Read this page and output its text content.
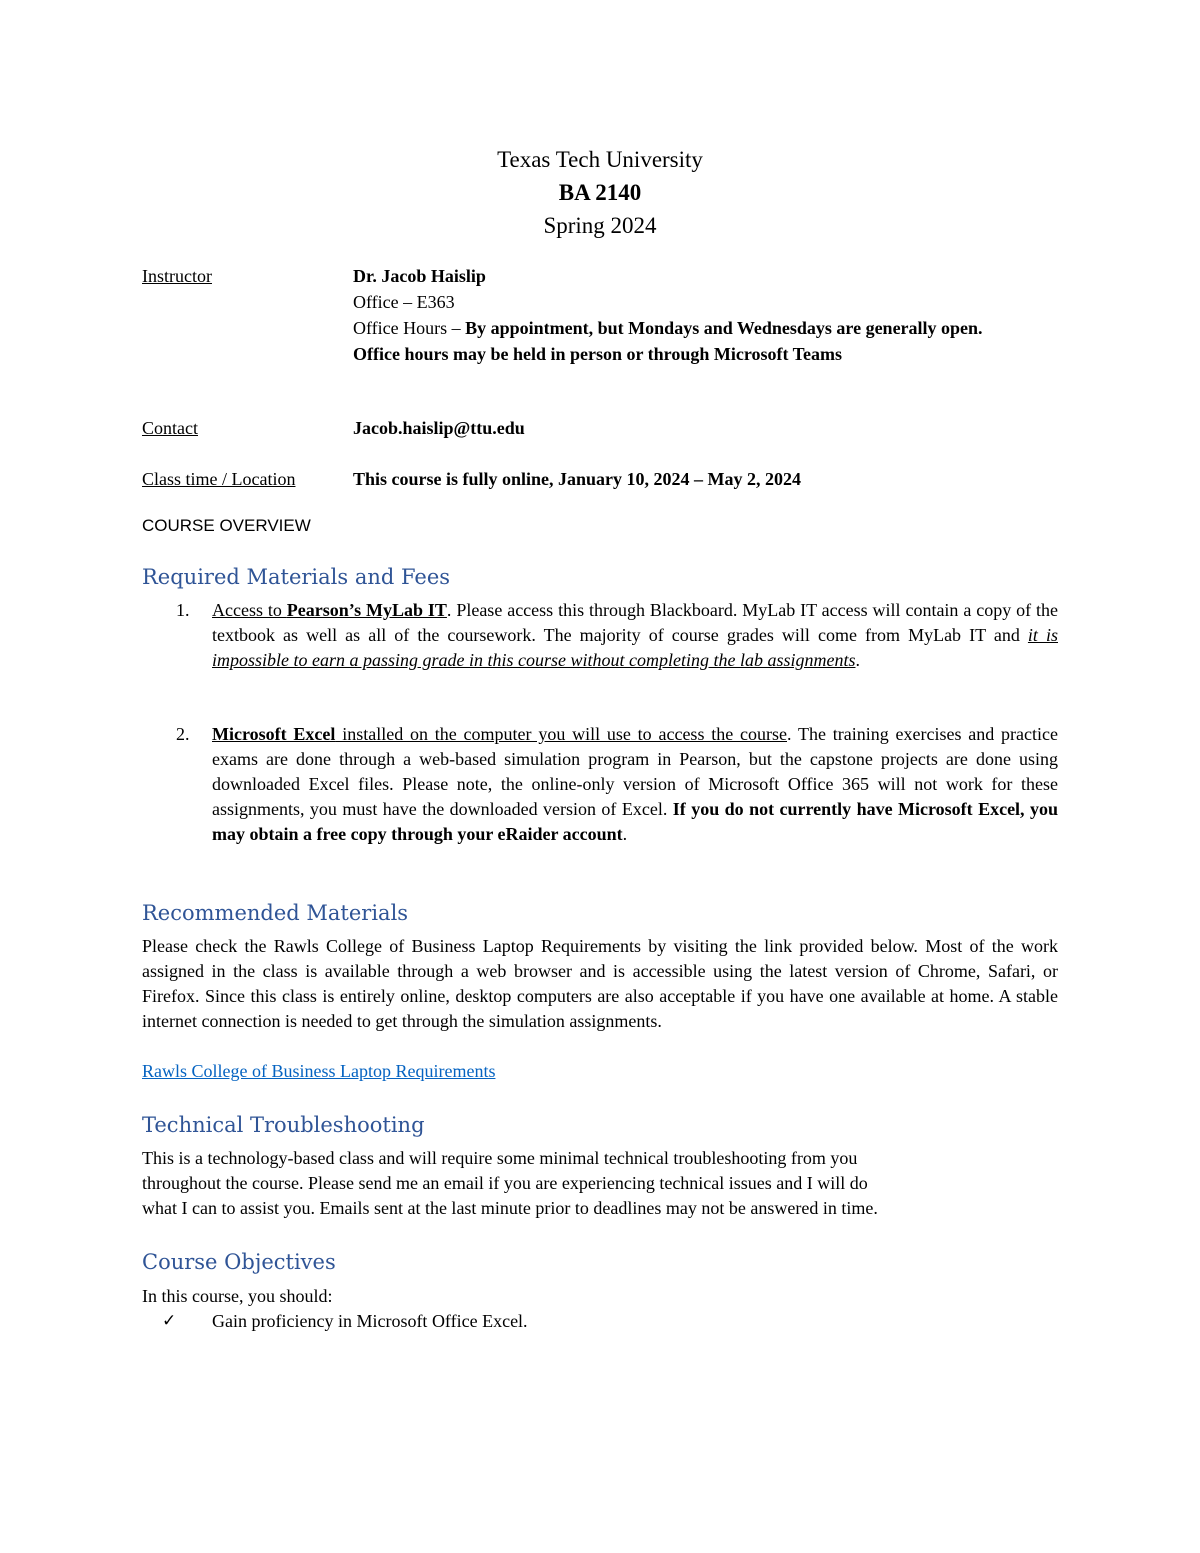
Texas Tech University
BA 2140
Spring 2024
Instructor	Dr. Jacob Haislip
Office – E363
Office Hours – By appointment, but Mondays and Wednesdays are generally open.
Office hours may be held in person or through Microsoft Teams
Contact	Jacob.haislip@ttu.edu
Class time / Location	This course is fully online, January 10, 2024 – May 2, 2024
COURSE OVERVIEW
Required Materials and Fees
1. Access to Pearson’s MyLab IT. Please access this through Blackboard. MyLab IT access will contain a copy of the textbook as well as all of the coursework. The majority of course grades will come from MyLab IT and it is impossible to earn a passing grade in this course without completing the lab assignments.
2. Microsoft Excel installed on the computer you will use to access the course. The training exercises and practice exams are done through a web-based simulation program in Pearson, but the capstone projects are done using downloaded Excel files. Please note, the online-only version of Microsoft Office 365 will not work for these assignments, you must have the downloaded version of Excel. If you do not currently have Microsoft Excel, you may obtain a free copy through your eRaider account.
Recommended Materials
Please check the Rawls College of Business Laptop Requirements by visiting the link provided below. Most of the work assigned in the class is available through a web browser and is accessible using the latest version of Chrome, Safari, or Firefox. Since this class is entirely online, desktop computers are also acceptable if you have one available at home. A stable internet connection is needed to get through the simulation assignments.
Rawls College of Business Laptop Requirements
Technical Troubleshooting
This is a technology-based class and will require some minimal technical troubleshooting from you
throughout the course. Please send me an email if you are experiencing technical issues and I will do
what I can to assist you. Emails sent at the last minute prior to deadlines may not be answered in time.
Course Objectives
In this course, you should:
✓ Gain proficiency in Microsoft Office Excel.
